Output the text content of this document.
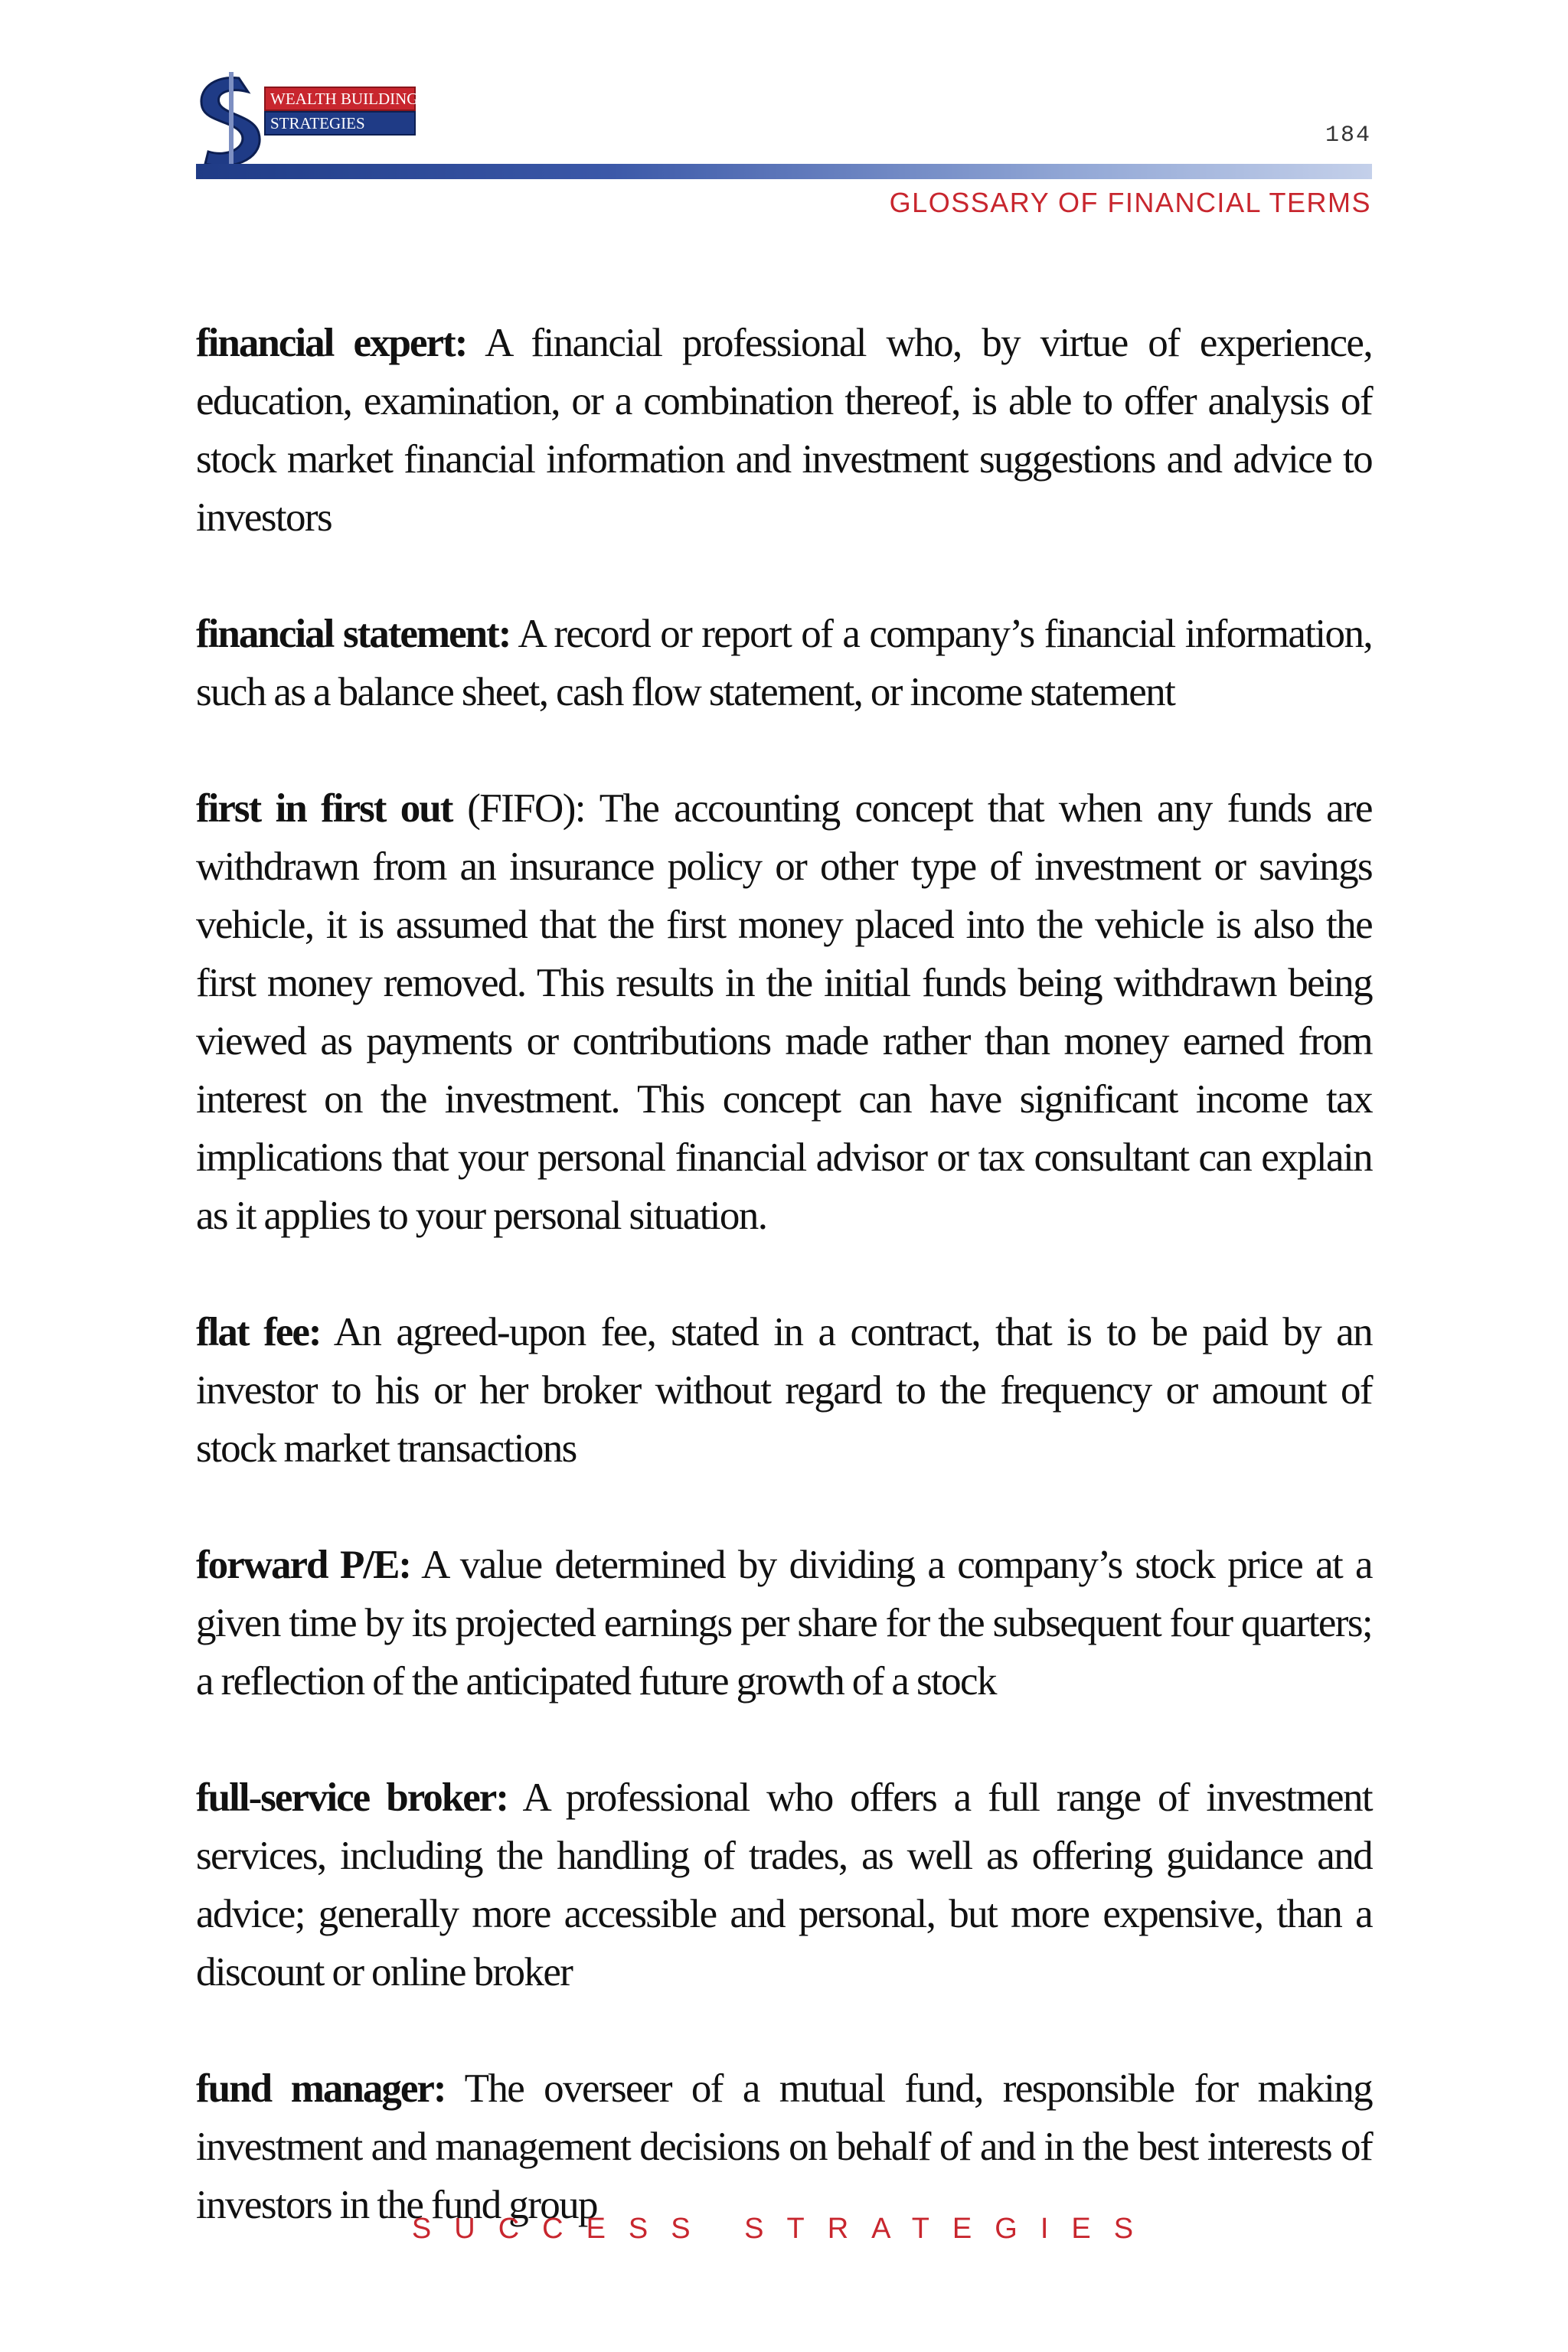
WEALTH BUILDING
STRATEGIES	184
GLOSSARY OF FINANCIAL TERMS

financial expert: A financial professional who, by virtue of experience, education, examination, or a combination thereof, is able to offer analysis of stock market financial information and investment suggestions and advice to investors

financial statement: A record or report of a company’s financial information, such as a balance sheet, cash flow statement, or income statement

first in first out (FIFO): The accounting concept that when any funds are withdrawn from an insurance policy or other type of investment or savings vehicle, it is assumed that the first money placed into the vehicle is also the first money removed. This results in the initial funds being withdrawn being viewed as payments or contributions made rather than money earned from interest on the investment. This concept can have significant income tax implications that your personal financial advisor or tax consultant can explain as it applies to your personal situation.

flat fee: An agreed-upon fee, stated in a contract, that is to be paid by an investor to his or her broker without regard to the frequency or amount of stock market transactions

forward P/E: A value determined by dividing a company’s stock price at a given time by its projected earnings per share for the subsequent four quarters; a reflection of the anticipated future growth of a stock

full-service broker: A professional who offers a full range of investment services, including the handling of trades, as well as offering guidance and advice; generally more accessible and personal, but more expensive, than a discount or online broker

fund manager: The overseer of a mutual fund, responsible for making investment and management decisions on behalf of and in the best interests of investors in the fund group

SUCCESS STRATEGIES
